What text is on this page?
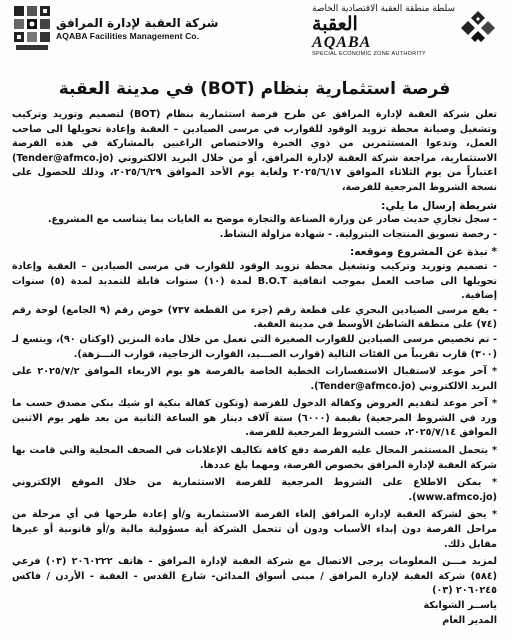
شركة العقبة لإدارة المرافق
AQABA Facilities Management Co.
سلطة منطقة العقبة الاقتصادية الخاصة
العقبة
AQABA
SPECIAL ECONOMIC ZONE AUTHORITY
فرصة استثمارية بنظام (BOT) في مدينة العقبة

تعلن شركة العقبة لإدارة المرافق عن طرح فرصة استثمارية بنظام (BOT) لتصميم وتوريد وتركيب وتشغيل وصيانة محطة تزويد الوقود للقوارب في مرسى الصيادين – العقبة وإعادة تحويلها الى صاحب العمل، وتدعوا المستثمرين من ذوي الخبرة والاختصاص الراغبين بالمشاركة في هذه الفرصة الاستثمارية، مراجعة شركة العقبة لإدارة المرافق، أو من خلال البريد الالكتروني (Tender@afmco.jo) اعتباراً من يوم الثلاثاء الموافق ٢٠٢٥/٦/١٧ ولغاية يوم الأحد الموافق ٢٠٢٥/٦/٢٩، وذلك للحصول على نسخة الشروط المرجعية للفرصة،

شريطة إرسال ما يلي:

- سجل تجاري حديث صادر عن وزارة الصناعة والتجارة موضح به الغايات بما يتناسب مع المشروع.

- رخصة تسويق المنتجات البترولية. - شهادة مزاولة النشاط.

* نبذة عن المشروع وموقعه:

- تصميم وتوريد وتركيب وتشغيل محطة تزويد الوقود للقوارب في مرسى الصيادين – العقبة وإعادة تحويلها الى صاحب العمل بموجب اتفاقية B.O.T لمدة (١٠) سنوات قابلة للتمديد لمدة (٥) سنوات إضافية.

- يقع مرسى الصيادين البحري على قطعة رقم (جزء من القطعة ٧٣٧) حوض رقم (٩ الجامع) لوحة رقم (٧٤) على منطقة الشاطئ الأوسط في مدينة العقبة.

- تم تخصيص مرسى الصيادين للقوارب الصغيرة التي تعمل من خلال مادة البنزين (اوكتان ٩٠)، ويتسع لـ (٣٠٠) قارب تقريباً من الفئات التالية (قوارب الصـــيد، القوارب الزجاجية، قوارب النـــزهة).

* آخر موعد لاستقبال الاستفسارات الخطية الخاصة بالفرصة هو يوم الاربعاء الموافق ٢٠٢٥/٧/٢ على البريد الالكتروني (Tender@afmco.jo).

* آخر موعد لتقديم العروض وكفالة الدخول للفرصة (وتكون كفالة بنكية او شيك بنكي مصدق حسب ما ورد في الشروط المرجعية) بقيمة (٦٠٠٠) ستة آلاف دينار هو الساعة الثانية من بعد ظهر يوم الاثنين الموافق ٢٠٢٥/٧/١٤، حسب الشروط المرجعية للفرصة.

* يتحمل المستثمر المحال عليه الفرصة دفع كافة تكاليف الإعلانات في الصحف المحلية والتي قامت بها شركة العقبة لإدارة المرافق بخصوص الفرصة، ومهما بلغ عددها.

* يمكن الاطلاع على الشروط المرجعية للفرصة الاستثمارية من خلال الموقع الإلكتروني (www.afmco.jo).

* يحق لشركة العقبة لإدارة المرافق إلغاء الفرصة الاستثمارية و/أو إعادة طرحها في أي مرحلة من مراحل الفرصة دون إبداء الأسباب ودون أن تتحمل الشركة أية مسؤولية مالية و/أو قانونية أو غيرها مقابل ذلك.

لمزيد مـــن المعلومات يرجى الاتصال مع شركة العقبة لإدارة المرافق - هاتف ٢٠٦٠٢٢٢ (٠٣) فرعي (٥٨٤) شركة العقبة لإدارة المرافق / مبنى أسواق المدائن- شارع القدس - العقبة - الأردن / فاكس ٢٠٦٠٢٤٥ (٠٣)

ياســر الشوابكة

المدير العام
